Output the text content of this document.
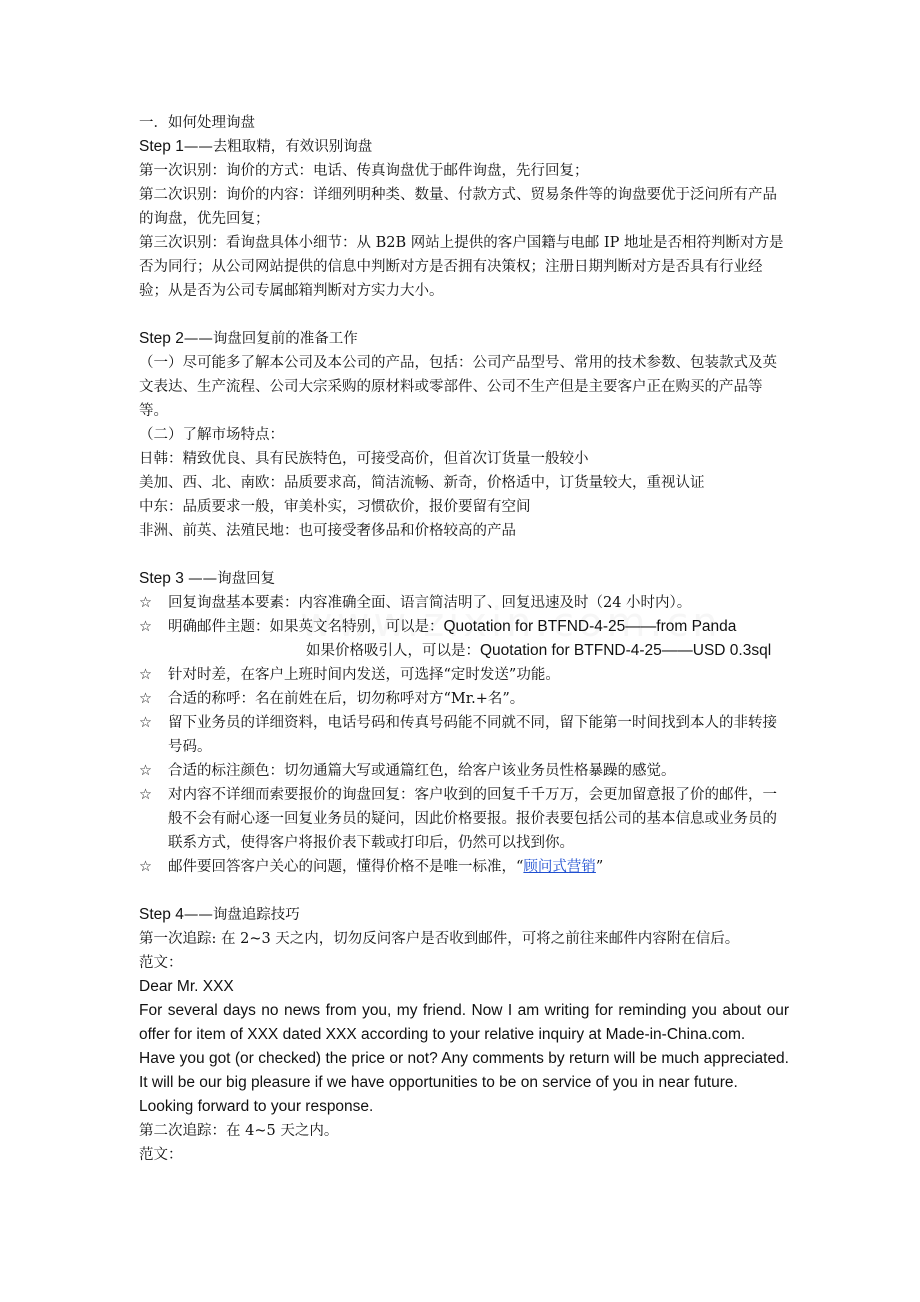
一．如何处理询盘
Step 1——去粗取精，有效识别询盘
第一次识别：询价的方式：电话、传真询盘优于邮件询盘，先行回复；
第二次识别：询价的内容：详细列明种类、数量、付款方式、贸易条件等的询盘要优于泛问所有产品的询盘，优先回复；
第三次识别：看询盘具体小细节：从 B2B 网站上提供的客户国籍与电邮 IP 地址是否相符判断对方是否为同行；从公司网站提供的信息中判断对方是否拥有决策权；注册日期判断对方是否具有行业经验；从是否为公司专属邮箱判断对方实力大小。
Step 2——询盘回复前的准备工作
（一）尽可能多了解本公司及本公司的产品，包括：公司产品型号、常用的技术参数、包装款式及英文表达、生产流程、公司大宗采购的原材料或零部件、公司不生产但是主要客户正在购买的产品等等。
（二）了解市场特点：
日韩：精致优良、具有民族特色，可接受高价，但首次订货量一般较小
美加、西、北、南欧：品质要求高，简洁流畅、新奇，价格适中，订货量较大，重视认证
中东：品质要求一般，审美朴实，习惯砍价，报价要留有空间
非洲、前英、法殖民地：也可接受奢侈品和价格较高的产品
Step 3 ——询盘回复
☆	回复询盘基本要素：内容准确全面、语言简洁明了、回复迅速及时（24 小时内）。
☆	明确邮件主题：如果英文名特别，可以是：Quotation for BTFND-4-25——from Panda
如果价格吸引人，可以是：Quotation for BTFND-4-25——USD 0.3sql
☆	针对时差，在客户上班时间内发送，可选择“定时发送”功能。
☆	合适的称呼：名在前姓在后，切勿称呼对方“Mr.+名”。
☆	留下业务员的详细资料，电话号码和传真号码能不同就不同，留下能第一时间找到本人的非转接号码。
☆	合适的标注颜色：切勿通篇大写或通篇红色，给客户该业务员性格暴躁的感觉。
☆	对内容不详细而索要报价的询盘回复：客户收到的回复千千万万，会更加留意报了价的邮件，一般不会有耐心逐一回复业务员的疑问，因此价格要报。报价表要包括公司的基本信息或业务员的联系方式，使得客户将报价表下载或打印后，仍然可以找到你。
☆	邮件要回答客户关心的问题，懂得价格不是唯一标准，“顾问式营销”
Step 4——询盘追踪技巧
第一次追踪: 在 2~3 天之内，切勿反问客户是否收到邮件，可将之前往来邮件内容附在信后。
范文：
Dear Mr. XXX
For several days no news from you, my friend. Now I am writing for reminding you about our offer for item of XXX dated XXX according to your relative inquiry at Made-in-China.com.
Have you got (or checked) the price or not? Any comments by return will be much appreciated. It will be our big pleasure if we have opportunities to be on service of you in near future.
Looking forward to your response.
第二次追踪：在 4~5 天之内。
范文：
